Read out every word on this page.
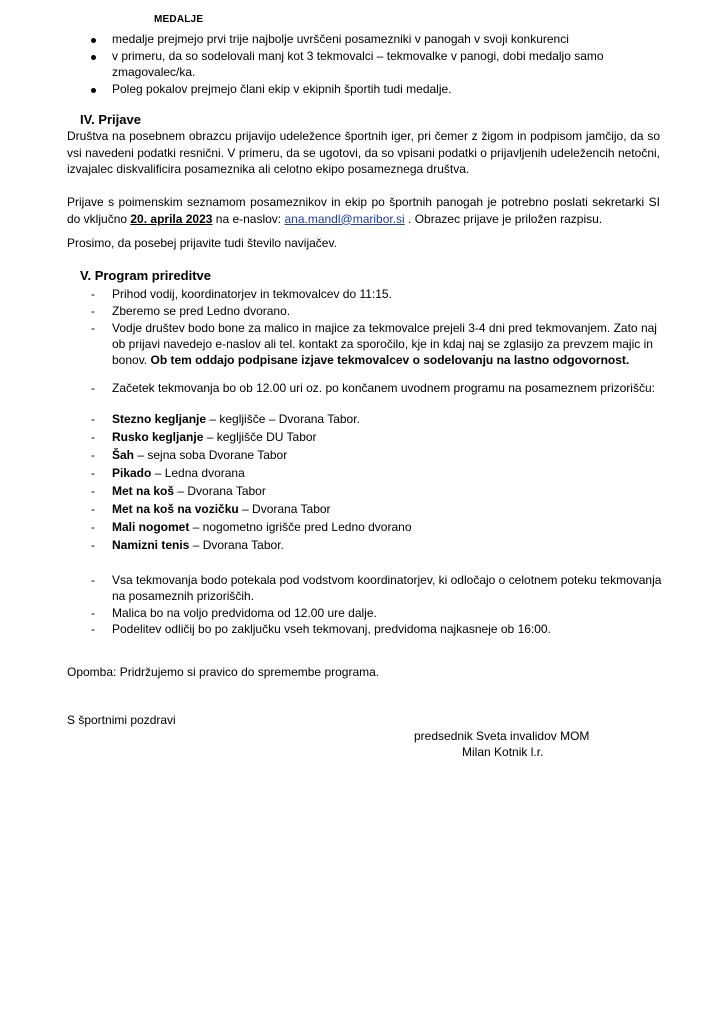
MEDALJE
medalje prejmejo prvi trije najbolje uvrščeni posamezniki v panogah v svoji konkurenci
v primeru, da so sodelovali manj kot 3 tekmovalci – tekmovalke v panogi, dobi medaljo samo zmagovalec/ka.
Poleg pokalov prejmejo člani ekip v ekipnih športih tudi medalje.
IV. Prijave
Društva na posebnem obrazcu prijavijo udeležence športnih iger, pri čemer z žigom in podpisom jamčijo, da so vsi navedeni podatki resnični. V primeru, da se ugotovi, da so vpisani podatki o prijavljenih udeležencih netočni, izvajalec diskvalificira posameznika ali celotno ekipo posameznega društva.
Prijave s poimenskim seznamom posameznikov in ekip po športnih panogah je potrebno poslati sekretarki SI do vključno 20. aprila 2023 na e-naslov: ana.mandl@maribor.si . Obrazec prijave je priložen razpisu.
Prosimo, da posebej prijavite tudi število navijačev.
V. Program prireditve
- Prihod vodij, koordinatorjev in tekmovalcev do 11:15.
- Zberemo se pred Ledno dvorano.
- Vodje društev bodo bone za malico in majice za tekmovalce prejeli 3-4 dni pred tekmovanjem. Zato naj ob prijavi navedejo e-naslov ali tel. kontakt za sporočilo, kje in kdaj naj se zglasijo za prevzem majic in bonov. Ob tem oddajo podpisane izjave tekmovalcev o sodelovanju na lastno odgovornost.
- Začetek tekmovanja bo ob 12.00 uri oz. po končanem uvodnem programu na posameznem prizorišču:
- Stezno kegljanje – kegljišče – Dvorana Tabor.
- Rusko kegljanje – kegljišče DU Tabor
- Šah – sejna soba Dvorane Tabor
- Pikado – Ledna dvorana
- Met na koš – Dvorana Tabor
- Met na koš na vozičku – Dvorana Tabor
- Mali nogomet – nogometno igrišče pred Ledno dvorano
- Namizni tenis – Dvorana Tabor.
- Vsa tekmovanja bodo potekala pod vodstvom koordinatorjev, ki odločajo o celotnem poteku tekmovanja na posameznih prizoriščih.
- Malica bo na voljo predvidoma od 12.00 ure dalje.
- Podelitev odličij bo po zaključku vseh tekmovanj, predvidoma najkasneje ob 16:00.
Opomba: Pridržujemo si pravico do spremembe programa.
S športnimi pozdravi
predsednik Sveta invalidov MOM
Milan Kotnik l.r.
